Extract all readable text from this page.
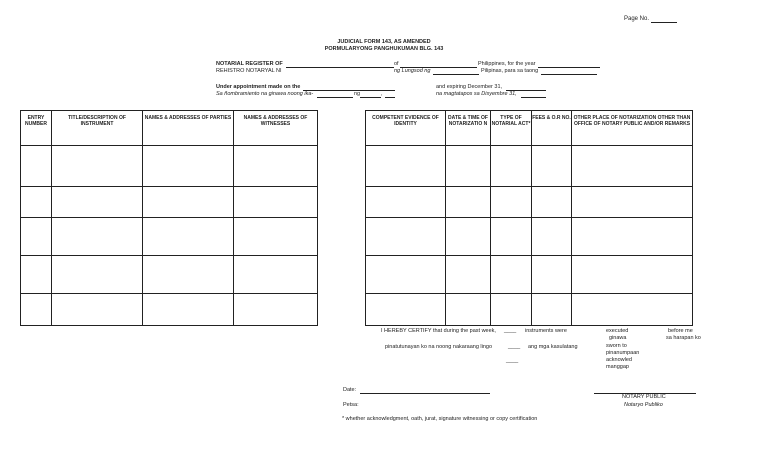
Page No.
JUDICIAL FORM 143, AS AMENDED
PORMULARYONG PANGHUKUMAN BLG. 143
NOTARIAL REGISTER OF	of	Philippines, for the year
REHISTRO NOTARYAL NI	ng Lungsod ng	Pilipinas, para sa taong
Under appointment made on the
Sa ñombramiento na ginawa noong ika-	ng	,
and expiring December 31,
na magtatapos sa Disyembre 31,
ENTRY NUMBER	TITLE/DESCRIPTION OF INSTRUMENT	NAMES & ADDRESSES OF PARTIES	NAMES & ADDRESSES OF WITNESSES

COMPETENT EVIDENCE OF IDENTITY	DATE & TIME OF NOTARIZATIO N	TYPE OF NOTARIAL ACT*	FEES & O.R NO.	OTHER PLACE OF NOTARIZATION OTHER THAN OFFICE OF NOTARY PUBLIC AND/OR REMARKS

I HEREBY CERTIFY that during the past week, ____ instruments were
pinatutunayan ko na noong nakaraang lingo	____ ang mga kasulatang
____
executed
ginawa
sworn to
pinanumpaan
acknowled
manggap
before me
sa harapan ko
Date:
Petsa:
NOTARY PUBLIC
Notaryo Publiko
* whether acknowledgment, oath, jurat, signature witnessing or copy certification
